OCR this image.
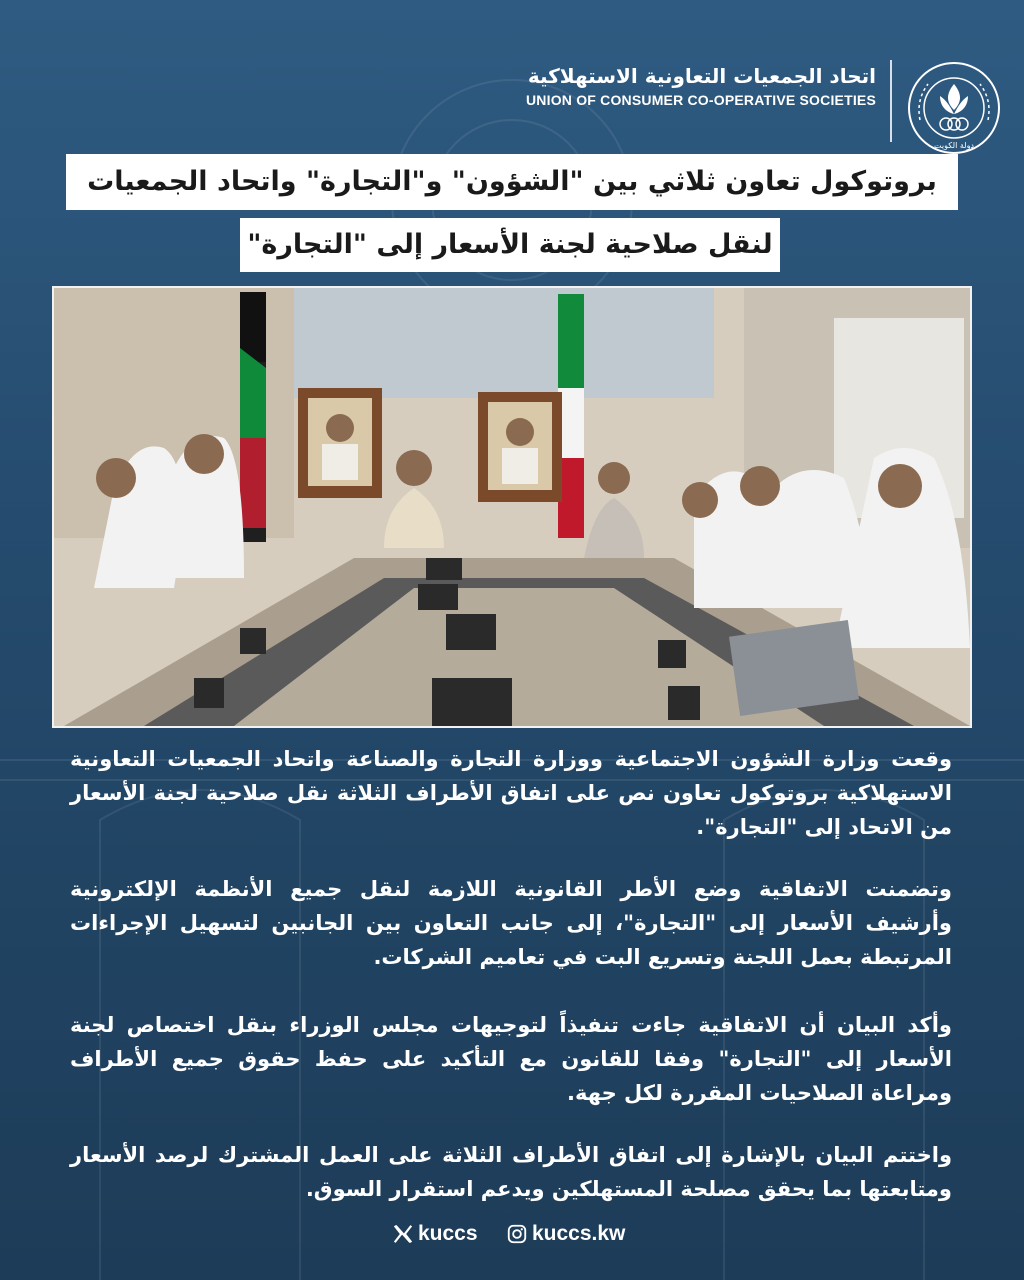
اتحاد الجمعيات التعاونية الاستهلاكية
UNION OF CONSUMER CO-OPERATIVE SOCIETIES
دولة الكويت
بروتوكول تعاون ثلاثي بين "الشؤون" و"التجارة" واتحاد الجمعيات
لنقل صلاحية لجنة الأسعار إلى "التجارة"
وقعت وزارة الشؤون الاجتماعية ووزارة التجارة والصناعة واتحاد الجمعيات التعاونية الاستهلاكية بروتوكول تعاون نص على اتفاق الأطراف الثلاثة نقل صلاحية لجنة الأسعار من الاتحاد إلى "التجارة".
وتضمنت الاتفاقية وضع الأطر القانونية اللازمة لنقل جميع الأنظمة الإلكترونية وأرشيف الأسعار إلى "التجارة"، إلى جانب التعاون بين الجانبين لتسهيل الإجراءات المرتبطة بعمل اللجنة وتسريع البت في تعاميم الشركات.
وأكد البيان أن الاتفاقية جاءت تنفيذاً لتوجيهات مجلس الوزراء بنقل اختصاص لجنة الأسعار إلى "التجارة" وفقا للقانون مع التأكيد على حفظ حقوق جميع الأطراف ومراعاة الصلاحيات المقررة لكل جهة.
واختتم البيان بالإشارة إلى اتفاق الأطراف الثلاثة على العمل المشترك لرصد الأسعار ومتابعتها بما يحقق مصلحة المستهلكين ويدعم استقرار السوق.
kuccs	kuccs.kw
